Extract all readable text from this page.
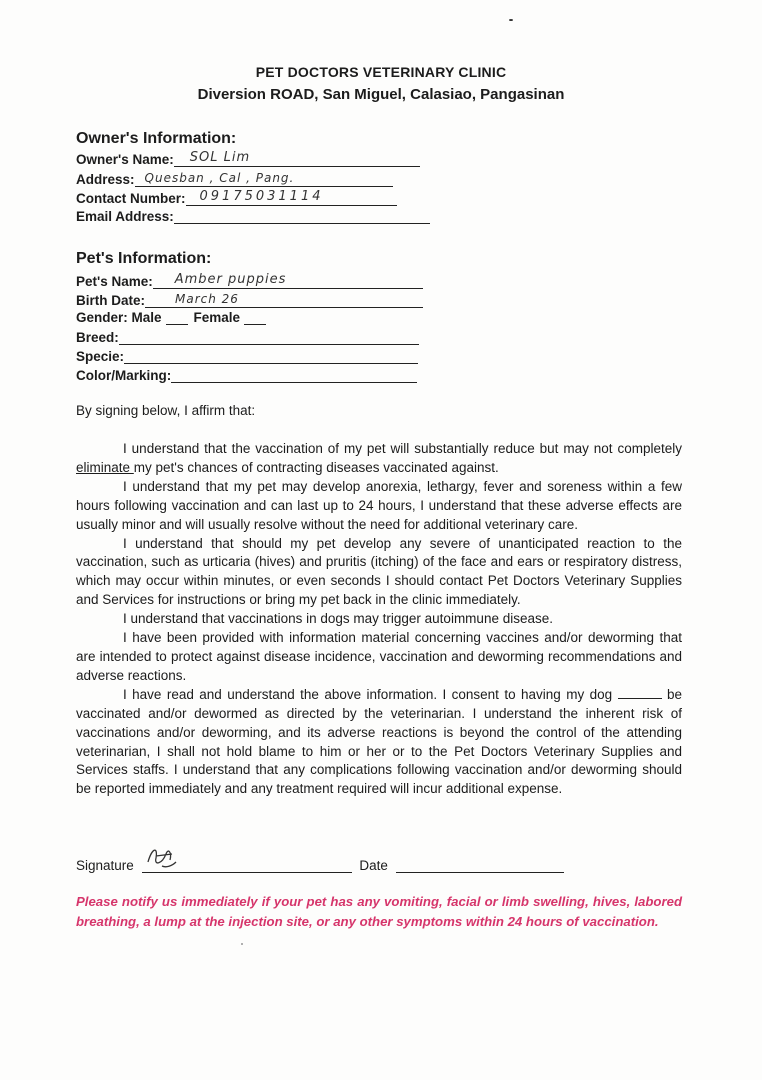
PET DOCTORS VETERINARY CLINIC
Diversion ROAD, San Miguel, Calasiao, Pangasinan
Owner's Information:
Owner's Name: SOL Lim
Address: Quesban , Cal , Pang.
Contact Number: 09175031114
Email Address:
Pet's Information:
Pet's Name: Amber puppies
Birth Date:	March 26
Gender: Male Female
Breed:
Specie:
Color/Marking:
By signing below, I affirm that:

I understand that the vaccination of my pet will substantially reduce but may not completely eliminate my pet's chances of contracting diseases vaccinated against.

I understand that my pet may develop anorexia, lethargy, fever and soreness within a few hours following vaccination and can last up to 24 hours, I understand that these adverse effects are usually minor and will usually resolve without the need for additional veterinary care.

I understand that should my pet develop any severe of unanticipated reaction to the vaccination, such as urticaria (hives) and pruritis (itching) of the face and ears or respiratory distress, which may occur within minutes, or even seconds I should contact Pet Doctors Veterinary Supplies and Services for instructions or bring my pet back in the clinic immediately.

I understand that vaccinations in dogs may trigger autoimmune disease.

I have been provided with information material concerning vaccines and/or deworming that are intended to protect against disease incidence, vaccination and deworming recommendations and adverse reactions.

I have read and understand the above information. I consent to having my dog	be vaccinated and/or dewormed as directed by the veterinarian. I understand the inherent risk of vaccinations and/or deworming, and its adverse reactions is beyond the control of the attending veterinarian, I shall not hold blame to him or her or to the Pet Doctors Veterinary Supplies and Services staffs. I understand that any complications following vaccination and/or deworming should be reported immediately and any treatment required will incur additional expense.

Signature	Date
Please notify us immediately if your pet has any vomiting, facial or limb swelling, hives, labored breathing, a lump at the injection site, or any other symptoms within 24 hours of vaccination.
